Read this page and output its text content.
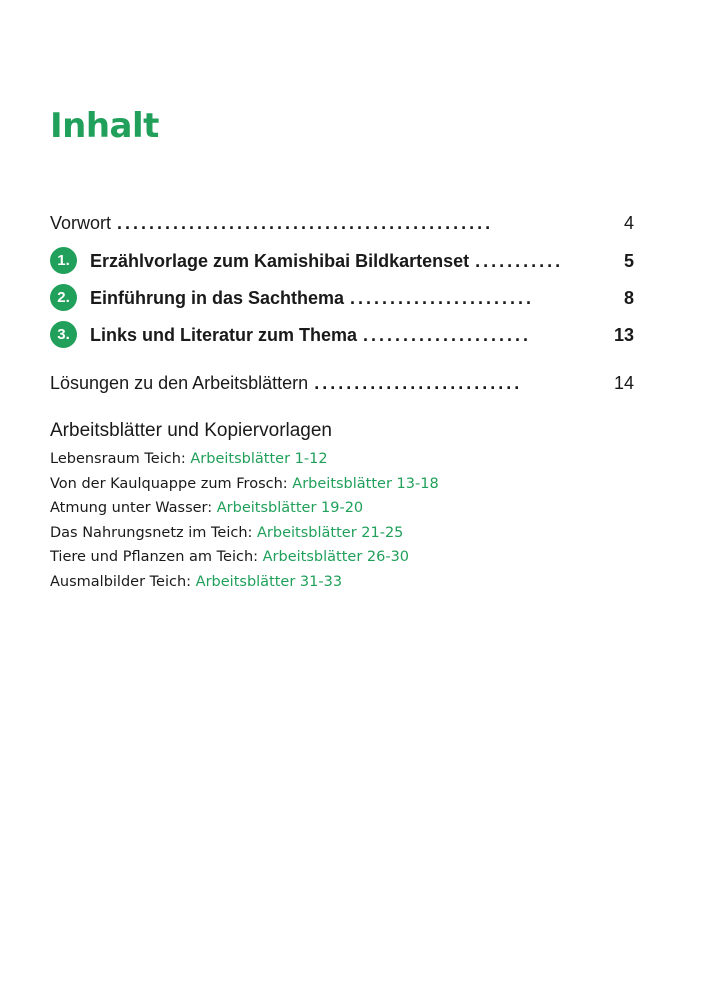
Inhalt
Vorwort ...............................................	4
1.	Erzählvorlage zum Kamishibai Bildkartenset ...........	5
2.	Einführung in das Sachthema .......................	8
3.	Links und Literatur zum Thema .....................	13
Lösungen zu den Arbeitsblättern ..........................	14
Arbeitsblätter und Kopiervorlagen
Lebensraum Teich: Arbeitsblätter 1-12
Von der Kaulquappe zum Frosch: Arbeitsblätter 13-18
Atmung unter Wasser: Arbeitsblätter 19-20
Das Nahrungsnetz im Teich: Arbeitsblätter 21-25
Tiere und Pflanzen am Teich: Arbeitsblätter 26-30
Ausmalbilder Teich: Arbeitsblätter 31-33
